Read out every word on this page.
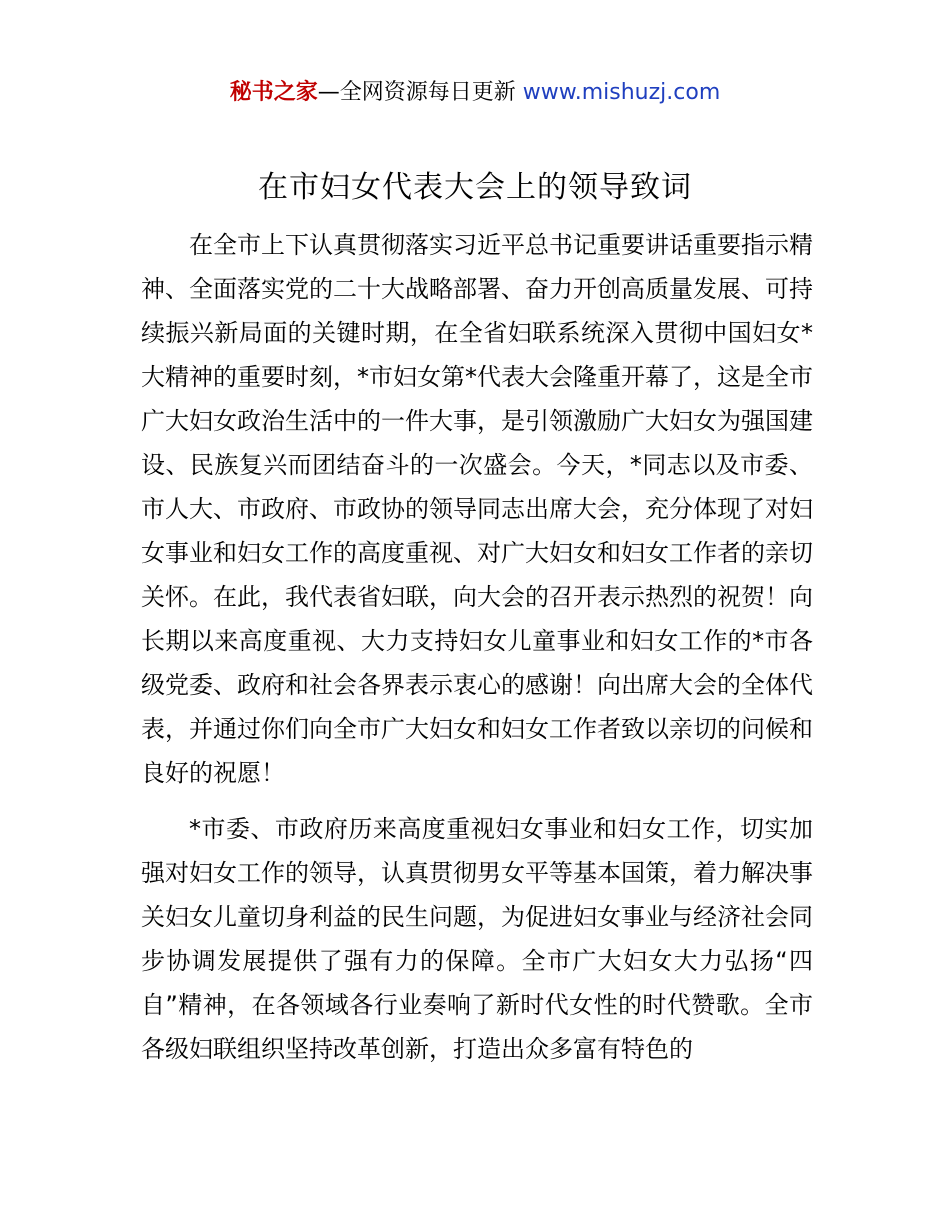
秘书之家—全网资源每日更新 www.mishuzj.com
在市妇女代表大会上的领导致词

在全市上下认真贯彻落实习近平总书记重要讲话重要指示精神、全面落实党的二十大战略部署、奋力开创高质量发展、可持续振兴新局面的关键时期，在全省妇联系统深入贯彻中国妇女*大精神的重要时刻，*市妇女第*代表大会隆重开幕了，这是全市广大妇女政治生活中的一件大事，是引领激励广大妇女为强国建设、民族复兴而团结奋斗的一次盛会。今天，*同志以及市委、市人大、市政府、市政协的领导同志出席大会，充分体现了对妇女事业和妇女工作的高度重视、对广大妇女和妇女工作者的亲切关怀。在此，我代表省妇联，向大会的召开表示热烈的祝贺！向长期以来高度重视、大力支持妇女儿童事业和妇女工作的*市各级党委、政府和社会各界表示衷心的感谢！向出席大会的全体代表，并通过你们向全市广大妇女和妇女工作者致以亲切的问候和良好的祝愿！

*市委、市政府历来高度重视妇女事业和妇女工作，切实加强对妇女工作的领导，认真贯彻男女平等基本国策，着力解决事关妇女儿童切身利益的民生问题，为促进妇女事业与经济社会同步协调发展提供了强有力的保障。全市广大妇女大力弘扬“四自”精神，在各领域各行业奏响了新时代女性的时代赞歌。全市各级妇联组织坚持改革创新，打造出众多富有特色的
